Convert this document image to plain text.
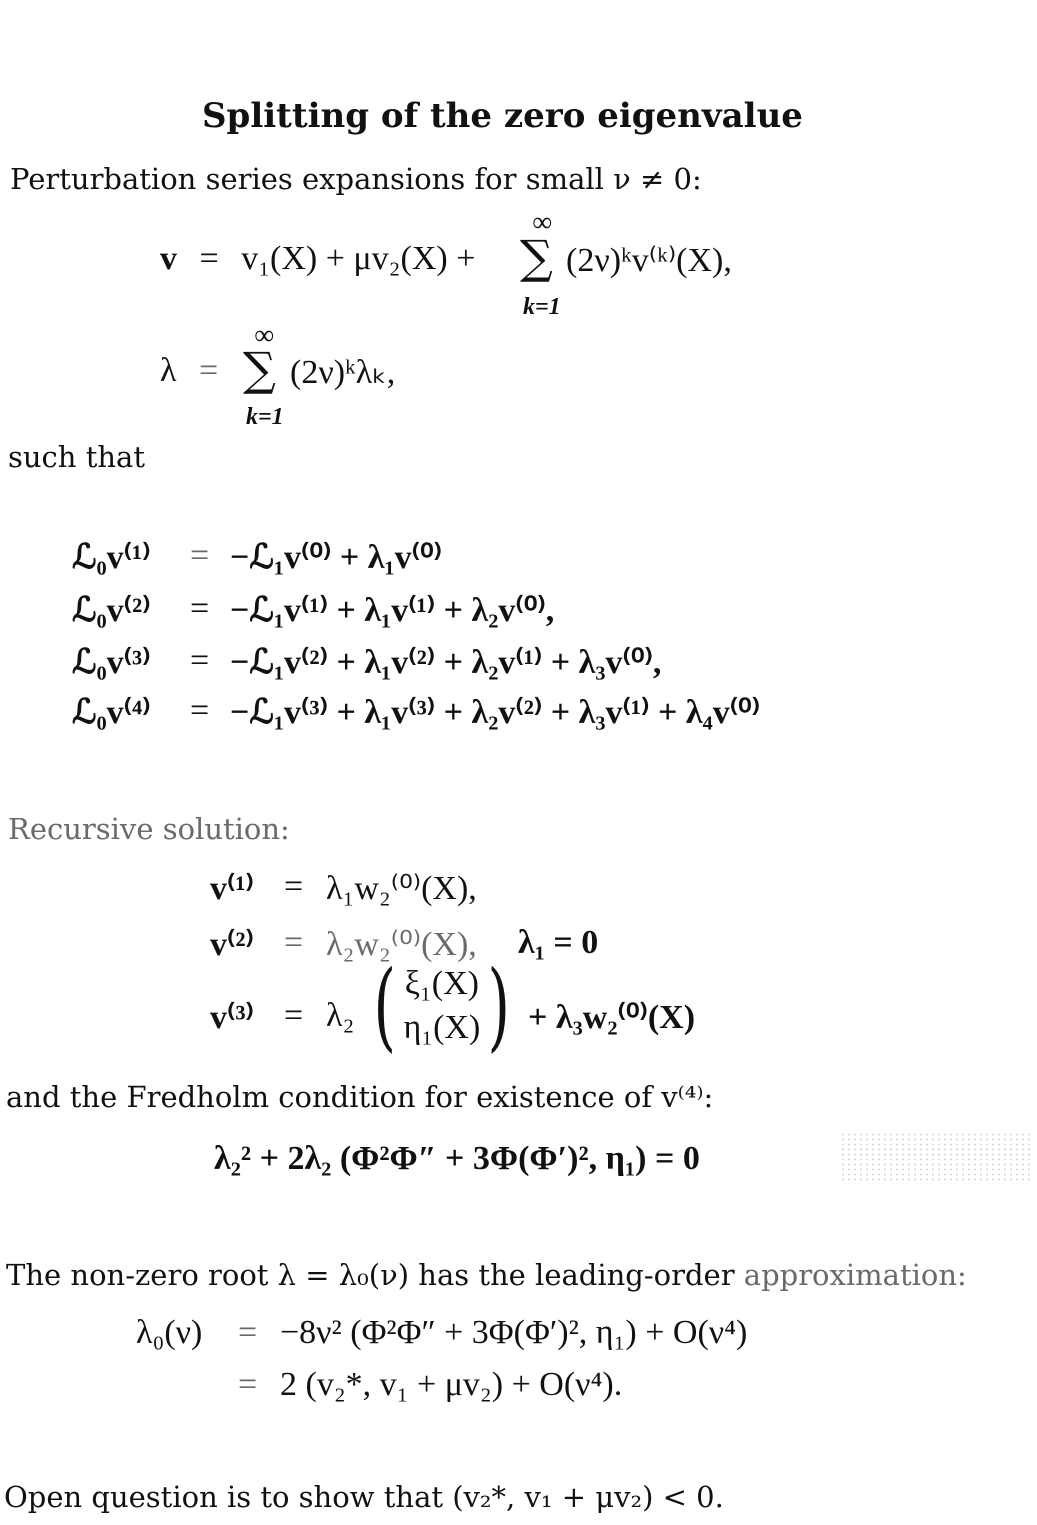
Splitting of the zero eigenvalue
Perturbation series expansions for small ν ≠ 0:
v = v₁(X) + μv₂(X) +
∞
∑
k=1
(2ν)ᵏv⁽ᵏ⁾(X),
λ =
∞
∑
k=1
(2ν)ᵏλₖ,
such that
ℒ₀v⁽¹⁾ = −ℒ₁v⁽⁰⁾ + λ₁v⁽⁰⁾
ℒ₀v⁽²⁾ = −ℒ₁v⁽¹⁾ + λ₁v⁽¹⁾ + λ₂v⁽⁰⁾,
ℒ₀v⁽³⁾ = −ℒ₁v⁽²⁾ + λ₁v⁽²⁾ + λ₂v⁽¹⁾ + λ₃v⁽⁰⁾,
ℒ₀v⁽⁴⁾ = −ℒ₁v⁽³⁾ + λ₁v⁽³⁾ + λ₂v⁽²⁾ + λ₃v⁽¹⁾ + λ₄v⁽⁰⁾
Recursive solution:
v⁽¹⁾ = λ₁w₂⁽⁰⁾(X),
v⁽²⁾ = λ₂w₂⁽⁰⁾(X), λ₁ = 0
v⁽³⁾ = λ₂ ( ξ₁(X)
η₁(X)) + λ₃w₂⁽⁰⁾(X)
and the Fredholm condition for existence of v⁽⁴⁾:
λ₂² + 2λ₂ (Φ²Φ″ + 3Φ(Φ′)², η₁) = 0
The non-zero root λ = λ₀(ν) has the leading-order approximation:
λ₀(ν) = −8ν² (Φ²Φ″ + 3Φ(Φ′)², η₁) + O(ν⁴)
= 2 (v₂*, v₁ + μv₂) + O(ν⁴).
Open question is to show that (v₂*, v₁ + μv₂) < 0.
